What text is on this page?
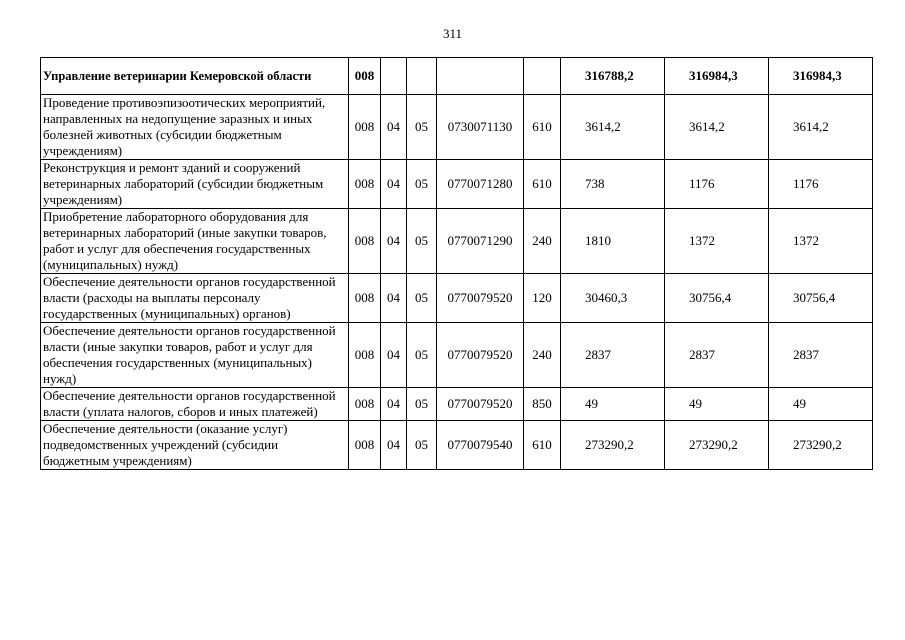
311
Управление ветеринарии Кемеровской области	008					316788,2	316984,3	316984,3
Проведение противоэпизоотических мероприятий, направленных на недопущение заразных и иных болезней животных (субсидии бюджетным учреждениям)	008	04	05	0730071130	610	3614,2	3614,2	3614,2
Реконструкция и ремонт зданий и сооружений ветеринарных лабораторий (субсидии бюджетным учреждениям)	008	04	05	0770071280	610	738	1176	1176
Приобретение лабораторного оборудования для ветеринарных лабораторий (иные закупки товаров, работ и услуг для обеспечения государственных (муниципальных) нужд)	008	04	05	0770071290	240	1810	1372	1372
Обеспечение деятельности органов государственной власти (расходы на выплаты персоналу государственных (муниципальных) органов)	008	04	05	0770079520	120	30460,3	30756,4	30756,4
Обеспечение деятельности органов государственной власти (иные закупки товаров, работ и услуг для обеспечения государственных (муниципальных) нужд)	008	04	05	0770079520	240	2837	2837	2837
Обеспечение деятельности органов государственной власти (уплата налогов, сборов и иных платежей)	008	04	05	0770079520	850	49	49	49
Обеспечение деятельности (оказание услуг) подведомственных учреждений (субсидии бюджетным учреждениям)	008	04	05	0770079540	610	273290,2	273290,2	273290,2
